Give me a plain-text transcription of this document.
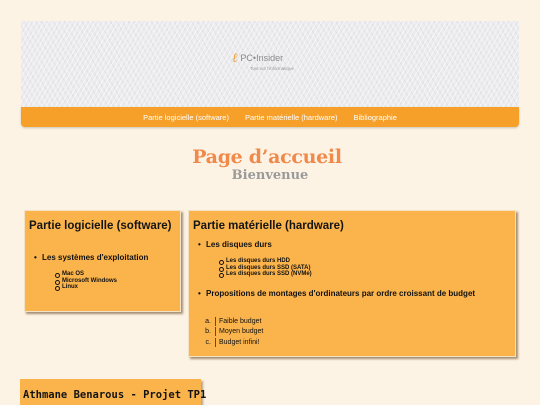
ℓ PC•Insider
Tout sur l'informatique
Partie logicielle (software) Partie matérielle (hardware) Bibliographie
Page d’accueil
Bienvenue
Partie logicielle (software)
• Les systèmes d'exploitation
Mac OS
Microsoft Windows
Linux
Partie matérielle (hardware)
• Les disques durs
Les disques durs HDD
Les disques durs SSD (SATA)
Les disques durs SSD (NVMe)
• Propositions de montages d'ordinateurs par ordre croissant de budget
a.	Faible budget
b.	Moyen budget
c.	Budget infini!
Athmane Benarous - Projet TP1
